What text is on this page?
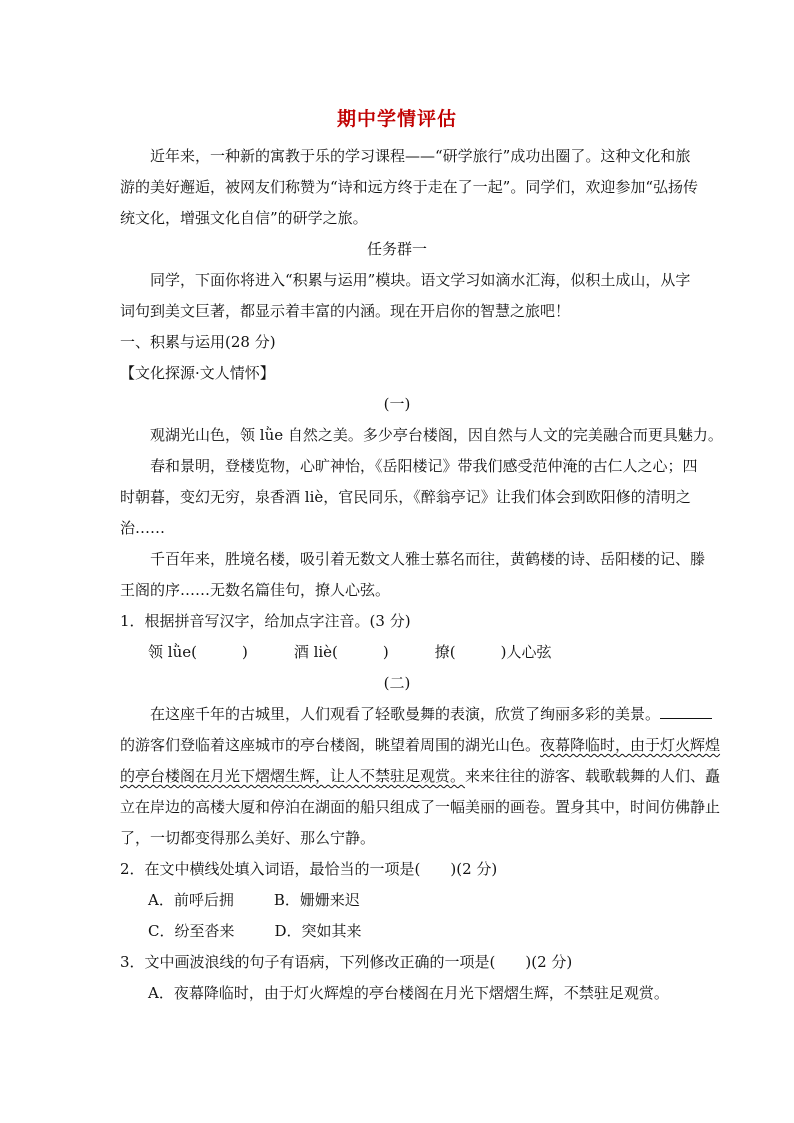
期中学情评估
近年来，一种新的寓教于乐的学习课程——“研学旅行”成功出圈了。这种文化和旅
游的美好邂逅，被网友们称赞为“诗和远方终于走在了一起”。同学们，欢迎参加“弘扬传
统文化，增强文化自信”的研学之旅。
任务群一
同学，下面你将进入“积累与运用”模块。语文学习如滴水汇海，似积土成山，从字
词句到美文巨著，都显示着丰富的内涵。现在开启你的智慧之旅吧！
一、积累与运用(28 分)
【文化探源·文人情怀】
(一)
观湖光山色，领 lǜe 自然之美。多少亭台楼阁，因自然与人文的完美融合而更具魅力。
春和景明，登楼览物，心旷神怡，《岳阳楼记》带我们感受范仲淹的古仁人之心；四
时朝暮，变幻无穷，泉香酒 liè，官民同乐，《醉翁亭记》让我们体会到欧阳修的清明之
治……
千百年来，胜境名楼，吸引着无数文人雅士慕名而往，黄鹤楼的诗、岳阳楼的记、滕
王阁的序……无数名篇佳句，撩人心弦。
1．根据拼音写汉字，给加点字注音。(3 分)
领 lǜe(　　　)	酒 liè(　　　)	撩(　　　)人心弦
(二)
在这座千年的古城里，人们观看了轻歌曼舞的表演，欣赏了绚丽多彩的美景。
的游客们登临着这座城市的亭台楼阁，眺望着周围的湖光山色。夜幕降临时，由于灯火辉煌
的亭台楼阁在月光下熠熠生辉，让人不禁驻足观赏。来来往往的游客、载歌载舞的人们、矗
立在岸边的高楼大厦和停泊在湖面的船只组成了一幅美丽的画卷。置身其中，时间仿佛静止
了，一切都变得那么美好、那么宁静。
2．在文中横线处填入词语，最恰当的一项是(　　)(2 分)
A．前呼后拥	B．姗姗来迟
C．纷至沓来	D．突如其来
3．文中画波浪线的句子有语病，下列修改正确的一项是(　　)(2 分)
A．夜幕降临时，由于灯火辉煌的亭台楼阁在月光下熠熠生辉，不禁驻足观赏。
